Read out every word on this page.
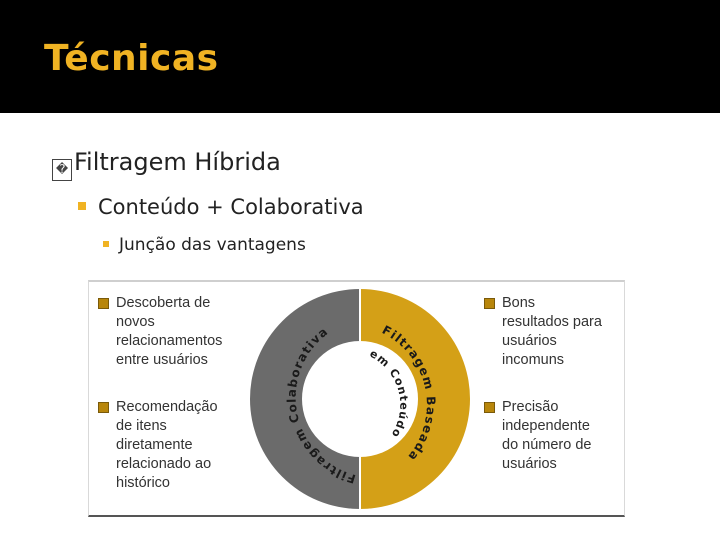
Técnicas
� Filtragem Híbrida
Conteúdo + Colaborativa
Junção das vantagens
Descoberta de
novos
relacionamentos
entre usuários
Recomendação
de itens
diretamente
relacionado ao
histórico
Bons
resultados para
usuários
incomuns
Precisão
independente
do número de
usuários
Filtragem Colaborativa	Filtragem Baseada
em Conteúdo
